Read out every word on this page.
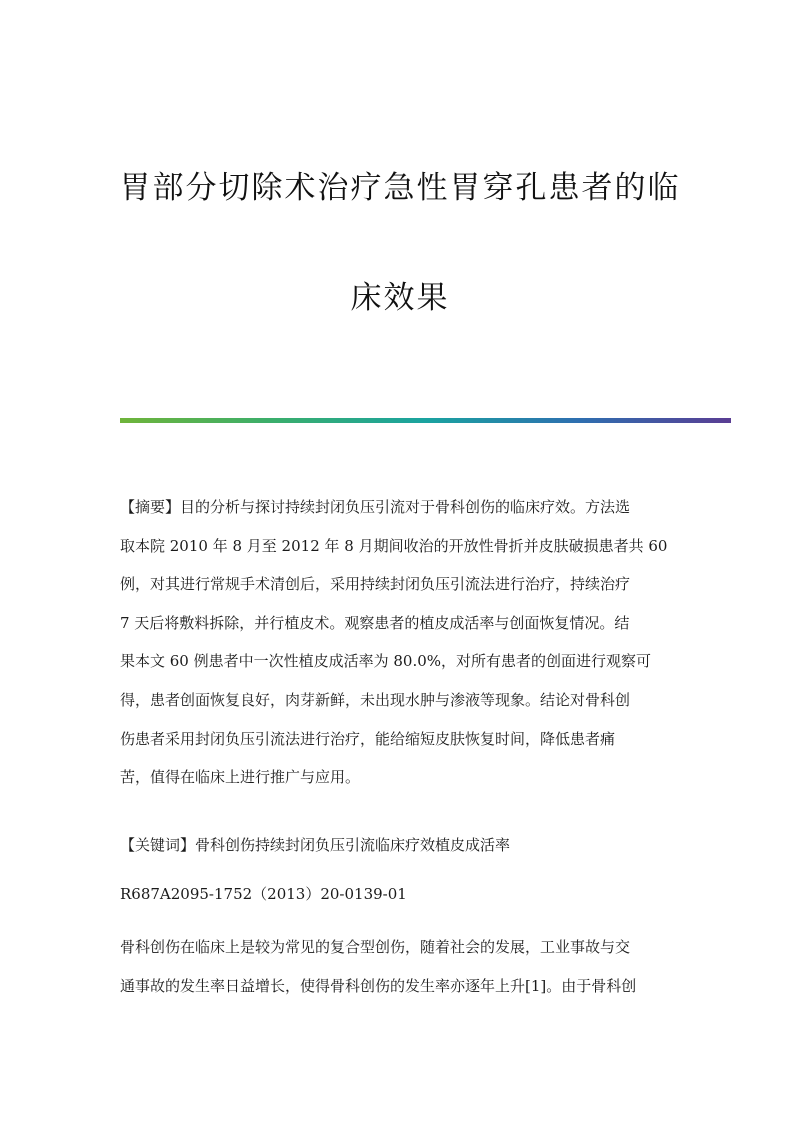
胃部分切除术治疗急性胃穿孔患者的临
床效果
【摘要】目的分析与探讨持续封闭负压引流对于骨科创伤的临床疗效。方法选
取本院 2010 年 8 月至 2012 年 8 月期间收治的开放性骨折并皮肤破损患者共 60
例，对其进行常规手术清创后，采用持续封闭负压引流法进行治疗，持续治疗
7 天后将敷料拆除，并行植皮术。观察患者的植皮成活率与创面恢复情况。结
果本文 60 例患者中一次性植皮成活率为 80.0%，对所有患者的创面进行观察可
得，患者创面恢复良好，肉芽新鲜，未出现水肿与渗液等现象。结论对骨科创
伤患者采用封闭负压引流法进行治疗，能给缩短皮肤恢复时间，降低患者痛
苦，值得在临床上进行推广与应用。
【关键词】骨科创伤持续封闭负压引流临床疗效植皮成活率
R687A2095-1752（2013）20-0139-01
骨科创伤在临床上是较为常见的复合型创伤，随着社会的发展，工业事故与交
通事故的发生率日益增长，使得骨科创伤的发生率亦逐年上升[1]。由于骨科创
